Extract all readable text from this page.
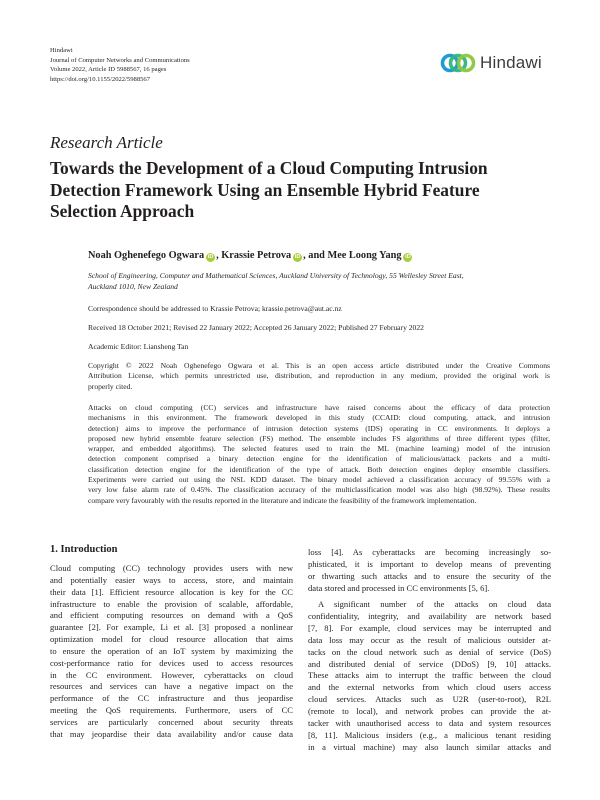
Hindawi
Journal of Computer Networks and Communications
Volume 2022, Article ID 5988567, 16 pages
https://doi.org/10.1155/2022/5988567
Hindawi
Research Article
Towards the Development of a Cloud Computing Intrusion
Detection Framework Using an Ensemble Hybrid Feature
Selection Approach
Noah Oghenefego Ogwara iD , Krassie Petrova iD , and Mee Loong Yang iD
School of Engineering, Computer and Mathematical Sciences, Auckland University of Technology, 55 Wellesley Street East,
Auckland 1010, New Zealand
Correspondence should be addressed to Krassie Petrova; krassie.petrova@aut.ac.nz
Received 18 October 2021; Revised 22 January 2022; Accepted 26 January 2022; Published 27 February 2022
Academic Editor: Liansheng Tan
Copyright © 2022 Noah Oghenefego Ogwara et al. This is an open access article distributed under the Creative Commons
Attribution License, which permits unrestricted use, distribution, and reproduction in any medium, provided the original work is
properly cited.
Attacks on cloud computing (CC) services and infrastructure have raised concerns about the efficacy of data protection
mechanisms in this environment. The framework developed in this study (CCAID: cloud computing, attack, and intrusion
detection) aims to improve the performance of intrusion detection systems (IDS) operating in CC environments. It deploys a
proposed new hybrid ensemble feature selection (FS) method. The ensemble includes FS algorithms of three different types (filter,
wrapper, and embedded algorithms). The selected features used to train the ML (machine learning) model of the intrusion
detection component comprised a binary detection engine for the identification of malicious/attack packets and a multi-
classification detection engine for the identification of the type of attack. Both detection engines deploy ensemble classifiers.
Experiments were carried out using the NSL KDD dataset. The binary model achieved a classification accuracy of 99.55% with a
very low false alarm rate of 0.45%. The classification accuracy of the multiclassification model was also high (98.92%). These results
compare very favourably with the results reported in the literature and indicate the feasibility of the framework implementation.
1. Introduction
Cloud computing (CC) technology provides users with new
and potentially easier ways to access, store, and maintain
their data [1]. Efficient resource allocation is key for the CC
infrastructure to enable the provision of scalable, affordable,
and efficient computing resources on demand with a QoS
guarantee [2]. For example, Li et al. [3] proposed a nonlinear
optimization model for cloud resource allocation that aims
to ensure the operation of an IoT system by maximizing the
cost-performance ratio for devices used to access resources
in the CC environment. However, cyberattacks on cloud
resources and services can have a negative impact on the
performance of the CC infrastructure and thus jeopardise
meeting the QoS requirements. Furthermore, users of CC
services are particularly concerned about security threats
that may jeopardise their data availability and/or cause data
loss [4]. As cyberattacks are becoming increasingly so-
phisticated, it is important to develop means of preventing
or thwarting such attacks and to ensure the security of the
data stored and processed in CC environments [5, 6].
A significant number of the attacks on cloud data
confidentiality, integrity, and availability are network based
[7, 8]. For example, cloud services may be interrupted and
data loss may occur as the result of malicious outsider at-
tacks on the cloud network such as denial of service (DoS)
and distributed denial of service (DDoS) [9, 10] attacks.
These attacks aim to interrupt the traffic between the cloud
and the external networks from which cloud users access
cloud services. Attacks such as U2R (user-to-root), R2L
(remote to local), and network probes can provide the at-
tacker with unauthorised access to data and system resources
[8, 11]. Malicious insiders (e.g., a malicious tenant residing
in a virtual machine) may also launch similar attacks and
